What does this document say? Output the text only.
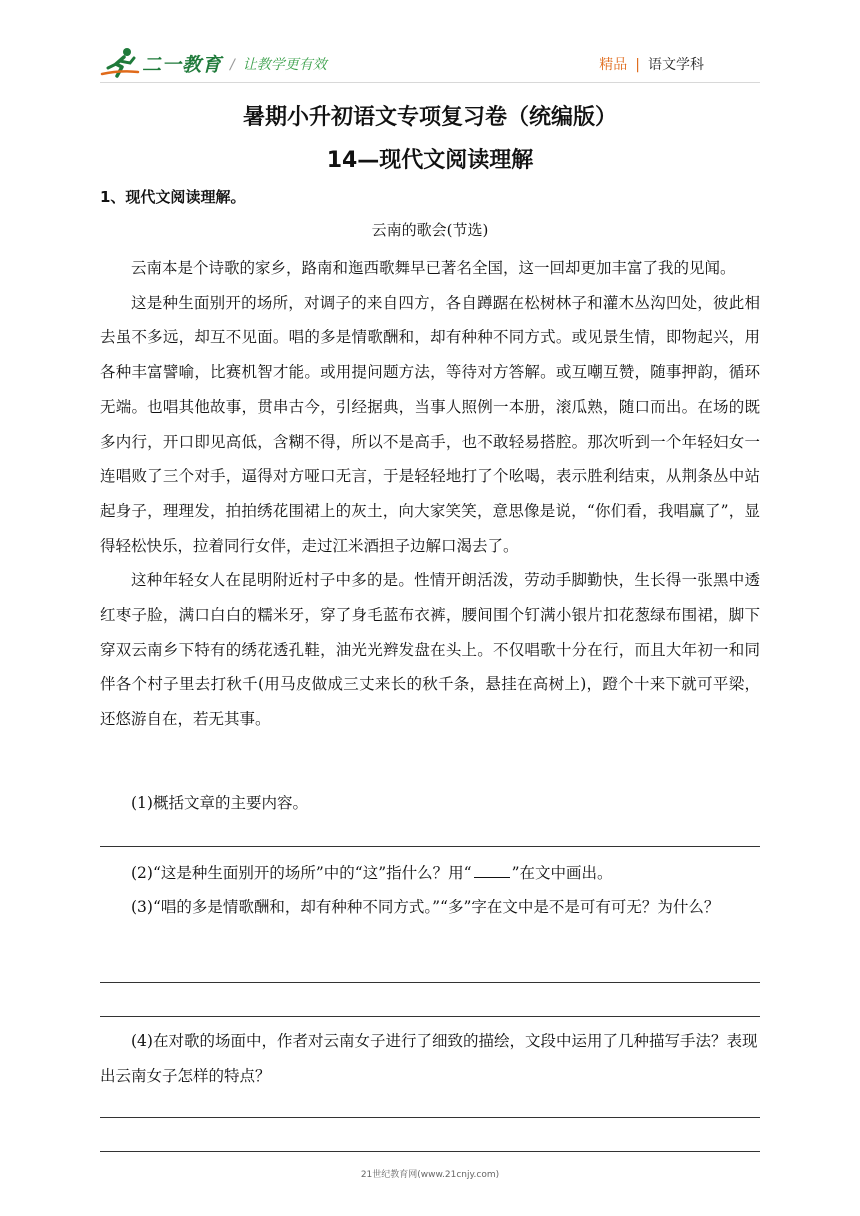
二一教育 / 让教学更有效	精品 | 语文学科
暑期小升初语文专项复习卷（统编版）
14—现代文阅读理解
1、现代文阅读理解。
云南的歌会(节选)

云南本是个诗歌的家乡，路南和迤西歌舞早已著名全国，这一回却更加丰富了我的见闻。

这是种生面别开的场所，对调子的来自四方，各自蹲踞在松树林子和灌木丛沟凹处，彼此相去虽不多远，却互不见面。唱的多是情歌酬和，却有种种不同方式。或见景生情，即物起兴，用各种丰富譬喻，比赛机智才能。或用提问题方法，等待对方答解。或互嘲互赞，随事押韵，循环无端。也唱其他故事，贯串古今，引经据典，当事人照例一本册，滚瓜熟，随口而出。在场的既多内行，开口即见高低，含糊不得，所以不是高手，也不敢轻易搭腔。那次听到一个年轻妇女一连唱败了三个对手，逼得对方哑口无言，于是轻轻地打了个吆喝，表示胜利结束，从荆条丛中站起身子，理理发，拍拍绣花围裙上的灰土，向大家笑笑，意思像是说，“你们看，我唱赢了”，显得轻松快乐，拉着同行女伴，走过江米酒担子边解口渴去了。

这种年轻女人在昆明附近村子中多的是。性情开朗活泼，劳动手脚勤快，生长得一张黑中透红枣子脸，满口白白的糯米牙，穿了身毛蓝布衣裤，腰间围个钉满小银片扣花葱绿布围裙，脚下穿双云南乡下特有的绣花透孔鞋，油光光辫发盘在头上。不仅唱歌十分在行，而且大年初一和同伴各个村子里去打秋千(用马皮做成三丈来长的秋千条，悬挂在高树上)，蹬个十来下就可平梁，还悠游自在，若无其事。

(1)概括文章的主要内容。
(2)“这是种生面别开的场所”中的“这”指什么？用“	”在文中画出。
(3)“唱的多是情歌酬和，却有种种不同方式。”“多”字在文中是不是可有可无？为什么？
(4)在对歌的场面中，作者对云南女子进行了细致的描绘，文段中运用了几种描写手法？表现出云南女子怎样的特点？
21世纪教育网(www.21cnjy.com)
